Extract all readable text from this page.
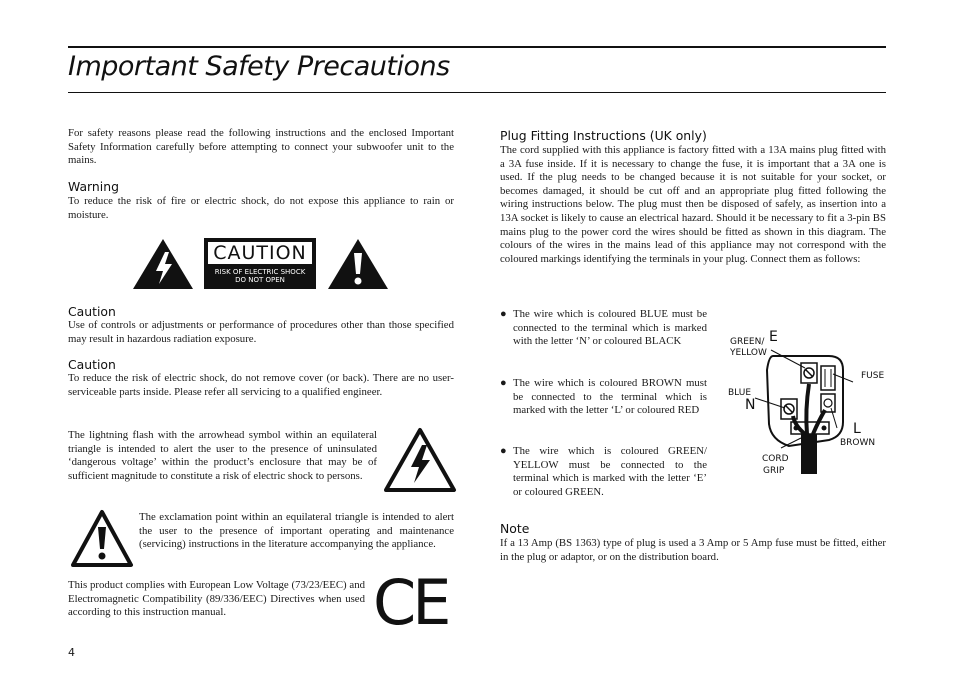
Important Safety Precautions

For safety reasons please read the following instructions and the enclosed Important Safety Information carefully before attempting to connect your subwoofer unit to the mains.

Warning

To reduce the risk of fire or electric shock, do not expose this appliance to rain or moisture.

CAUTION
RISK OF ELECTRIC SHOCK
DO NOT OPEN
Caution

Use of controls or adjustments or performance of procedures other than those specified may result in hazardous radiation exposure.

Caution

To reduce the risk of electric shock, do not remove cover (or back). There are no user-serviceable parts inside. Please refer all servicing to a qualified engineer.

The lightning flash with the arrowhead symbol within an equilateral triangle is intended to alert the user to the presence of uninsulated ‘dangerous voltage’ within the product’s enclosure that may be of sufficient magnitude to constitute a risk of electric shock to persons.

The exclamation point within an equilateral triangle is intended to alert the user to the presence of important operating and maintenance (servicing) instructions in the literature accompanying the appliance.

This product complies with European Low Voltage (73/23/EEC) and Electromagnetic Compatibility (89/336/EEC) Directives when used according to this instruction manual.	CE
4
Plug Fitting Instructions (UK only)

The cord supplied with this appliance is factory fitted with a 13A mains plug fitted with a 3A fuse inside. If it is necessary to change the fuse, it is important that a 3A one is used. If the plug needs to be changed because it is not suitable for your socket, or becomes damaged, it should be cut off and an appropriate plug fitted following the wiring instructions below. The plug must then be disposed of safely, as insertion into a 13A socket is likely to cause an electrical hazard. Should it be necessary to fit a 3-pin BS mains plug to the power cord the wires should be fitted as shown in this diagram. The colours of the wires in the mains lead of this appliance may not correspond with the coloured markings identifying the terminals in your plug. Connect them as follows:

● The wire which is coloured BLUE must be connected to the terminal which is marked with the letter ‘N’ or coloured BLACK
● The wire which is coloured BROWN must be connected to the terminal which is marked with the letter ‘L’ or coloured RED
● The wire which is coloured GREEN/ YELLOW must be connected to the terminal which is marked with the letter ‘E’ or coloured GREEN.
GREEN/ E
YELLOW
BLUE
N
FUSE
L
BROWN
CORD
GRIP
Note

If a 13 Amp (BS 1363) type of plug is used a 3 Amp or 5 Amp fuse must be fitted, either in the plug or adaptor, or on the distribution board.
